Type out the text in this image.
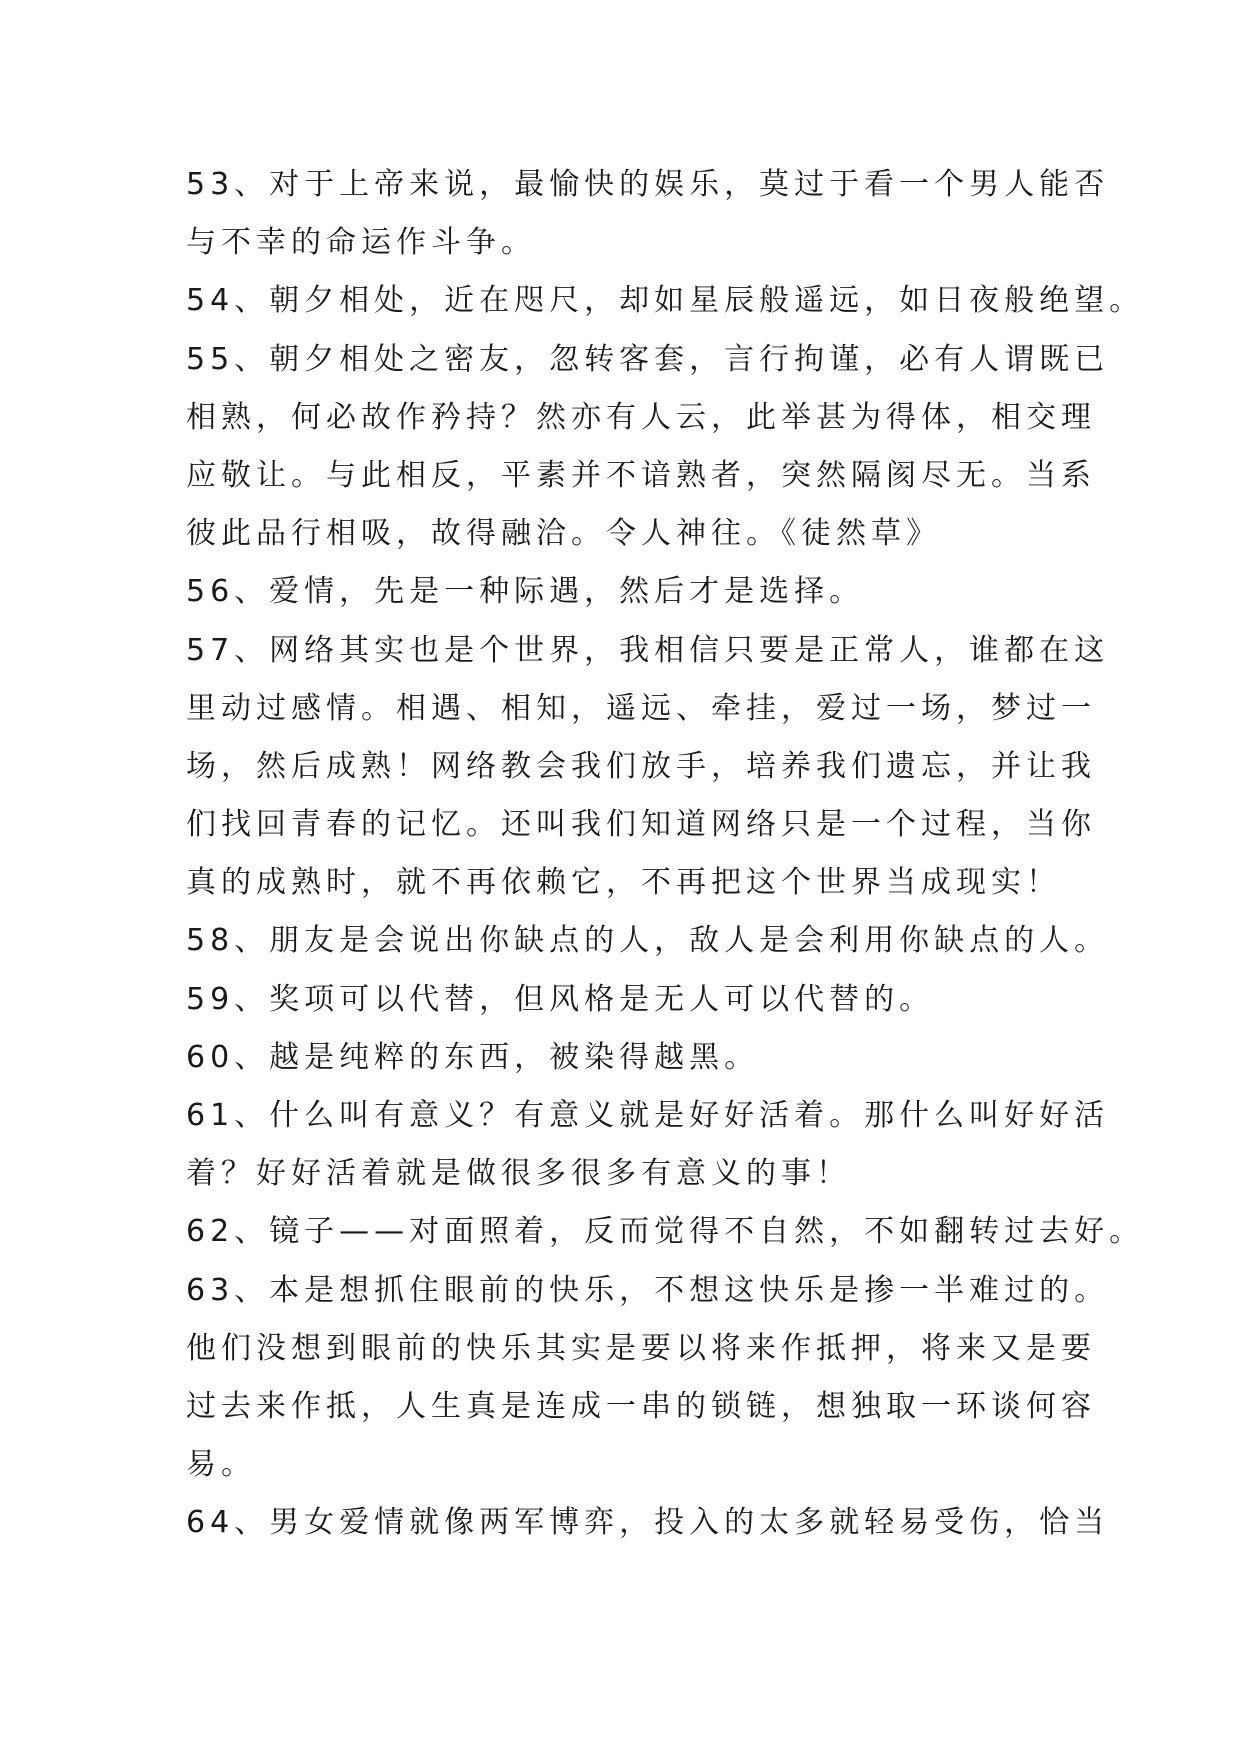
53、对于上帝来说，最愉快的娱乐，莫过于看一个男人能否
与不幸的命运作斗争。
54、朝夕相处，近在咫尺，却如星辰般遥远，如日夜般绝望。
55、朝夕相处之密友，忽转客套，言行拘谨，必有人谓既已
相熟，何必故作矜持？然亦有人云，此举甚为得体，相交理
应敬让。与此相反，平素并不谙熟者，突然隔阂尽无。当系
彼此品行相吸，故得融洽。令人神往。《徒然草》
56、爱情，先是一种际遇，然后才是选择。
57、网络其实也是个世界，我相信只要是正常人，谁都在这
里动过感情。相遇、相知，遥远、牵挂，爱过一场，梦过一
场，然后成熟！网络教会我们放手，培养我们遗忘，并让我
们找回青春的记忆。还叫我们知道网络只是一个过程，当你
真的成熟时，就不再依赖它，不再把这个世界当成现实！
58、朋友是会说出你缺点的人，敌人是会利用你缺点的人。
59、奖项可以代替，但风格是无人可以代替的。
60、越是纯粹的东西，被染得越黑。
61、什么叫有意义？有意义就是好好活着。那什么叫好好活
着？好好活着就是做很多很多有意义的事！
62、镜子——对面照着，反而觉得不自然，不如翻转过去好。
63、本是想抓住眼前的快乐，不想这快乐是掺一半难过的。
他们没想到眼前的快乐其实是要以将来作抵押，将来又是要
过去来作抵，人生真是连成一串的锁链，想独取一环谈何容
易。
64、男女爱情就像两军博弈，投入的太多就轻易受伤，恰当
